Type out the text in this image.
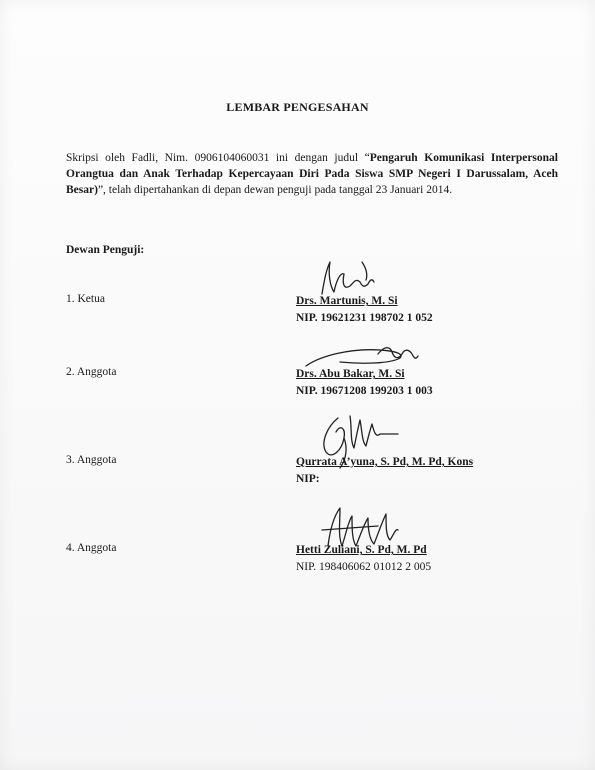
LEMBAR PENGESAHAN
Skripsi oleh Fadli, Nim. 0906104060031 ini dengan judul “Pengaruh Komunikasi Interpersonal Orangtua dan Anak Terhadap Kepercayaan Diri Pada Siswa SMP Negeri I Darussalam, Aceh Besar)”, telah dipertahankan di depan dewan penguji pada tanggal 23 Januari 2014.
Dewan Penguji:
1. Ketua	Drs. Martunis, M. Si
NIP. 19621231 198702 1 052
2. Anggota	Drs. Abu Bakar, M. Si
NIP. 19671208 199203 1 003
3. Anggota	Qurrata A’yuna, S. Pd, M. Pd, Kons
NIP:
4. Anggota	Hetti Zuliani, S. Pd, M. Pd
NIP. 198406062 01012 2 005
